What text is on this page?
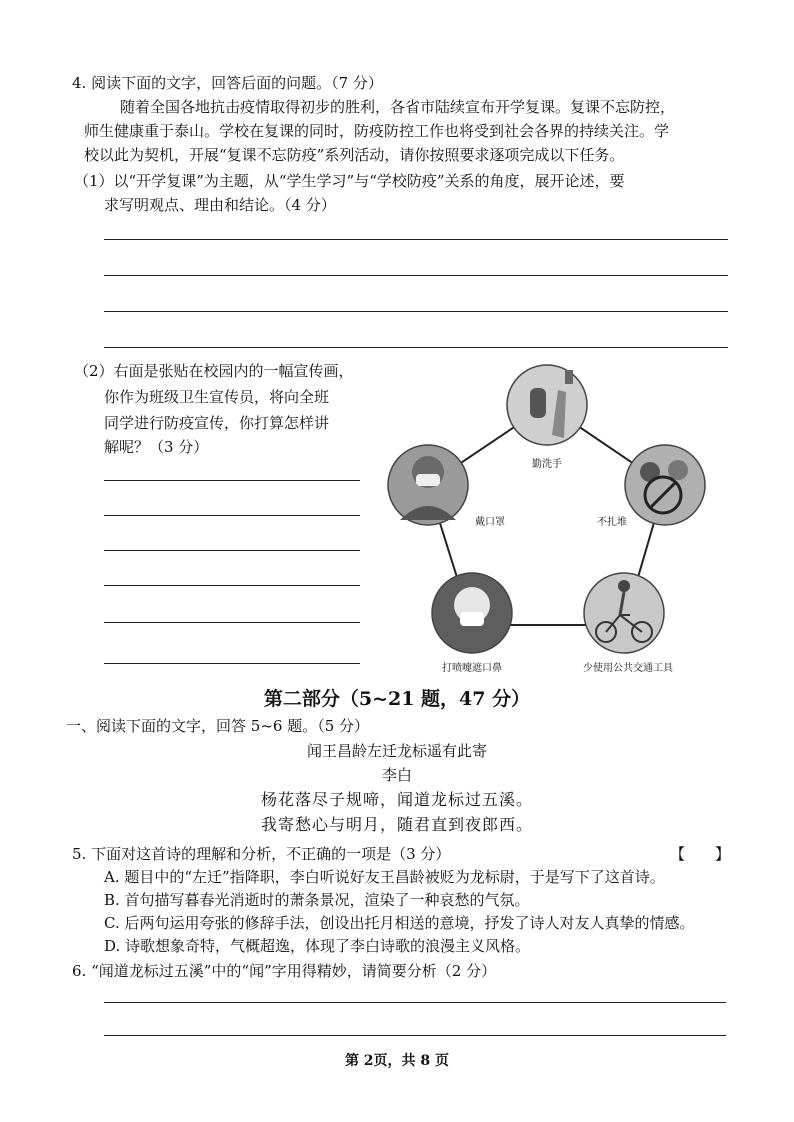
4. 阅读下面的文字，回答后面的问题。（7 分）
随着全国各地抗击疫情取得初步的胜利，各省市陆续宣布开学复课。复课不忘防控，
师生健康重于泰山。学校在复课的同时，防疫防控工作也将受到社会各界的持续关注。学
校以此为契机，开展“复课不忘防疫”系列活动，请你按照要求逐项完成以下任务。
（1）以“开学复课”为主题，从“学生学习”与“学校防疫”关系的角度，展开论述，要
求写明观点、理由和结论。（4 分）
（2）右面是张贴在校园内的一幅宣传画，
你作为班级卫生宣传员，将向全班
同学进行防疫宣传，你打算怎样讲
解呢？（3 分）
勤洗手
戴口罩	不扎堆
打喷嚏遮口鼻	少使用公共交通工具
第二部分（5~21 题，47 分）
一、阅读下面的文字，回答 5~6 题。（5 分）
闻王昌龄左迁龙标遥有此寄
李白
杨花落尽子规啼，闻道龙标过五溪。
我寄愁心与明月，随君直到夜郎西。
5. 下面对这首诗的理解和分析，不正确的一项是（3 分）	【　　】
A. 题目中的“左迁”指降职，李白听说好友王昌龄被贬为龙标尉，于是写下了这首诗。
B. 首句描写暮春光消逝时的萧条景况，渲染了一种哀愁的气氛。
C. 后两句运用夸张的修辞手法，创设出托月相送的意境，抒发了诗人对友人真挚的情感。
D. 诗歌想象奇特，气概超逸，体现了李白诗歌的浪漫主义风格。
6. “闻道龙标过五溪”中的“闻”字用得精妙，请简要分析（2 分）
第 2页，共 8 页
